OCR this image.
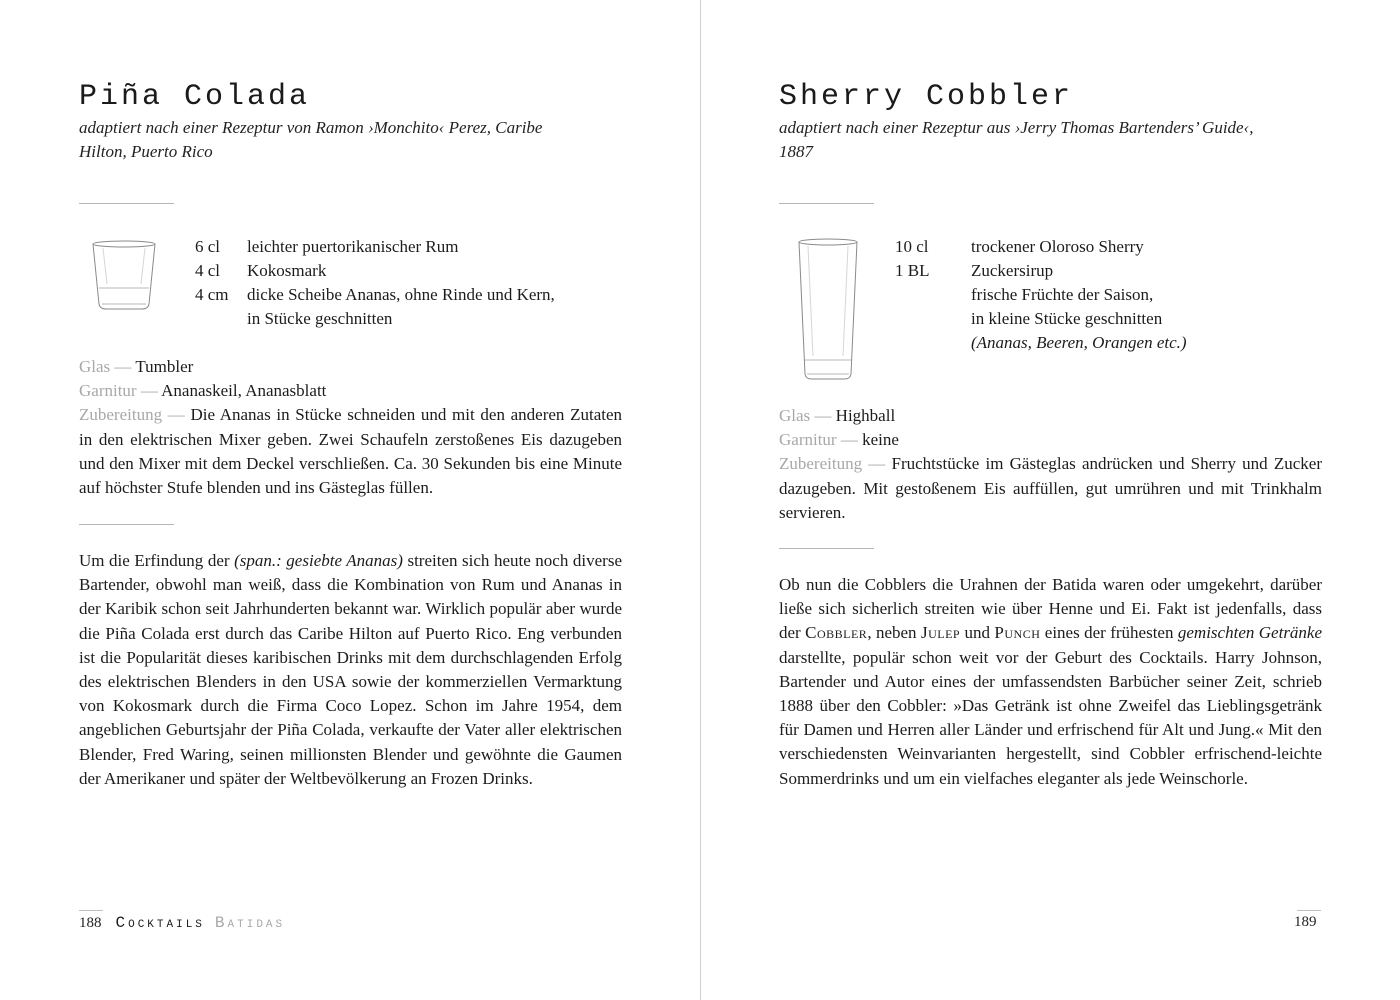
Piña Colada

adaptiert nach einer Rezeptur von Ramon ›Monchito‹ Perez, Caribe Hilton, Puerto Rico

6 cl	leichter puertorikanischer Rum
4 cl	Kokosmark
4 cm	dicke Scheibe Ananas, ohne Rinde und Kern,
in Stücke geschnitten

Glas — Tumbler

Garnitur — Ananaskeil, Ananasblatt

Zubereitung — Die Ananas in Stücke schneiden und mit den anderen Zutaten in den elektrischen Mixer geben. Zwei Schaufeln zerstoßenes Eis dazugeben und den Mixer mit dem Deckel verschließen. Ca. 30 Sekunden bis eine Minute auf höchster Stufe blenden und ins Gästeglas füllen.

Um die Erfindung der (span.: gesiebte Ananas) streiten sich heute noch diverse Bartender, obwohl man weiß, dass die Kombination von Rum und Ananas in der Karibik schon seit Jahrhunderten bekannt war. Wirklich populär aber wurde die Piña Colada erst durch das Caribe Hilton auf Puerto Rico. Eng verbunden ist die Popularität dieses karibischen Drinks mit dem durchschlagenden Erfolg des elektrischen Blenders in den USA sowie der kommerziellen Vermarktung von Kokosmark durch die Firma Coco Lopez. Schon im Jahre 1954, dem angeblichen Geburtsjahr der Piña Colada, verkaufte der Vater aller elektrischen Blender, Fred Waring, seinen millionsten Blender und gewöhnte die Gaumen der Amerikaner und später der Weltbevölkerung an Frozen Drinks.

188 Cocktails Batidas
Sherry Cobbler

adaptiert nach einer Rezeptur aus ›Jerry Thomas Bartenders’ Guide‹, 1887

10 cl	trockener Oloroso Sherry
1 BL	Zuckersirup
frische Früchte der Saison,
in kleine Stücke geschnitten
(Ananas, Beeren, Orangen etc.)

Glas — Highball

Garnitur — keine

Zubereitung — Fruchtstücke im Gästeglas andrücken und Sherry und Zucker dazugeben. Mit gestoßenem Eis auffüllen, gut umrühren und mit Trinkhalm servieren.

Ob nun die Cobblers die Urahnen der Batida waren oder umgekehrt, darüber ließe sich sicherlich streiten wie über Henne und Ei. Fakt ist jedenfalls, dass der Cobbler, neben Julep und Punch eines der frühesten gemischten Getränke darstellte, populär schon weit vor der Geburt des Cocktails. Harry Johnson, Bartender und Autor eines der umfassendsten Barbücher seiner Zeit, schrieb 1888 über den Cobbler: »Das Getränk ist ohne Zweifel das Lieblingsgetränk für Damen und Herren aller Länder und erfrischend für Alt und Jung.« Mit den verschiedensten Weinvarianten hergestellt, sind Cobbler erfrischend-leichte Sommerdrinks und um ein vielfaches eleganter als jede Weinschorle.

189
